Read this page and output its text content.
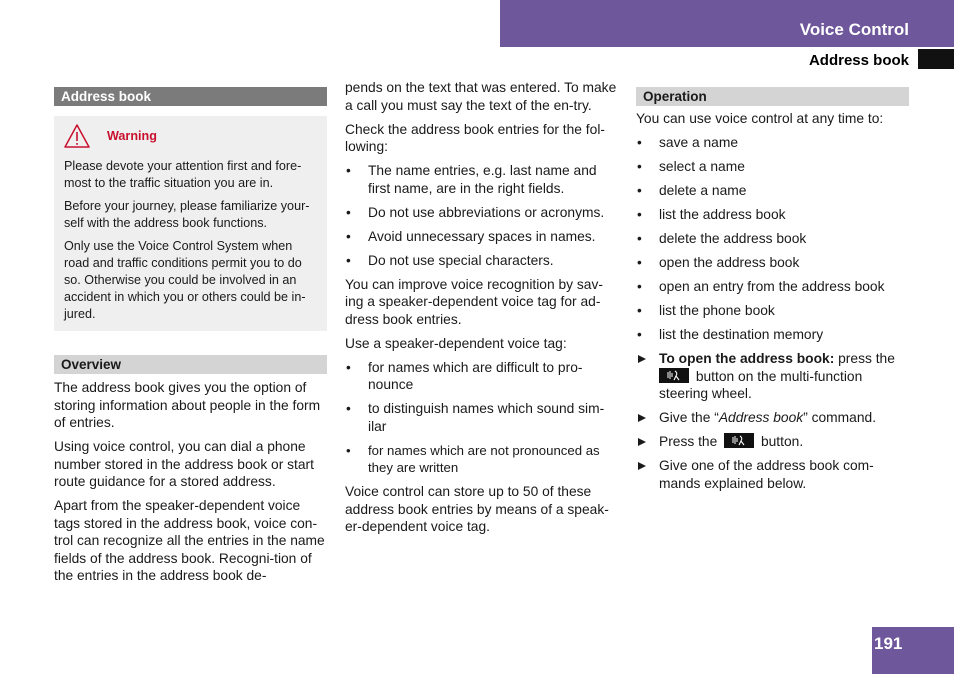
Voice Control
Address book
Address book
Warning

Please devote your attention first and fore-most to the traffic situation you are in.

Before your journey, please familiarize your-self with the address book functions.

Only use the Voice Control System when road and traffic conditions permit you to do so. Otherwise you could be involved in an accident in which you or others could be in-jured.

Overview

The address book gives you the option of storing information about people in the form of entries.

Using voice control, you can dial a phone number stored in the address book or start route guidance for a stored address.

Apart from the speaker-dependent voice tags stored in the address book, voice con-trol can recognize all the entries in the name fields of the address book. Recogni-tion of the entries in the address book de-

pends on the text that was entered. To make a call you must say the text of the en-try.

Check the address book entries for the fol-lowing:

• The name entries, e.g. last name and first name, are in the right fields.
• Do not use abbreviations or acronyms.
• Avoid unnecessary spaces in names.
• Do not use special characters.

You can improve voice recognition by sav-ing a speaker-dependent voice tag for ad-dress book entries.

Use a speaker-dependent voice tag:

• for names which are difficult to pro-nounce
• to distinguish names which sound sim-ilar
• for names which are not pronounced as they are written

Voice control can store up to 50 of these address book entries by means of a speak-er-dependent voice tag.

Operation

You can use voice control at any time to:

• save a name
• select a name
• delete a name
• list the address book
• delete the address book
• open the address book
• open an entry from the address book
• list the phone book
• list the destination memory
To open the address book: press the

button on the multi-function steering wheel.
Give the “Address book” command.
Press the	button.
Give one of the address book com-mands explained below.
191
